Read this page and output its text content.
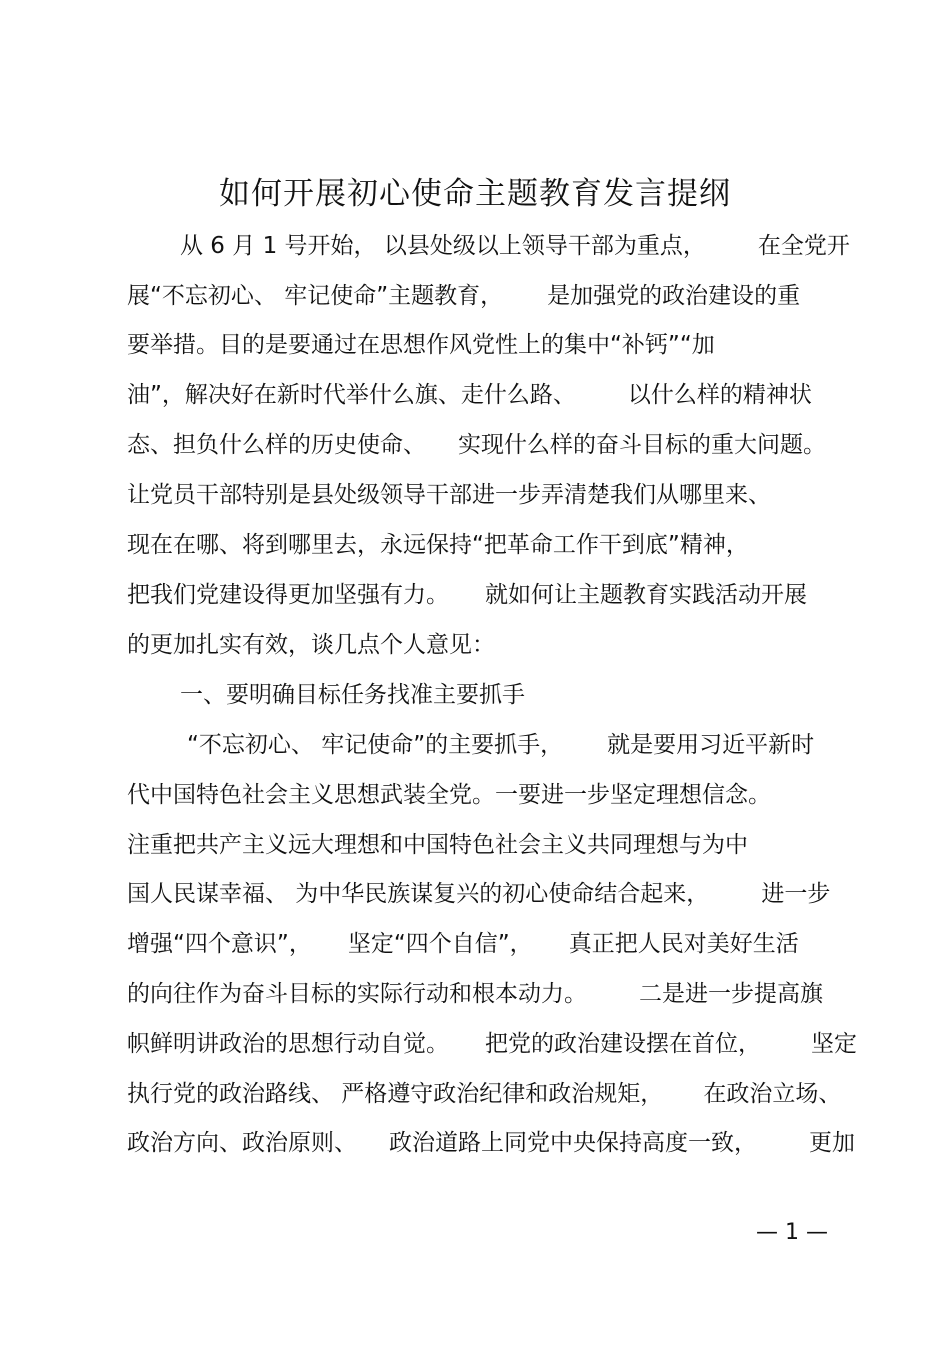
如何开展初心使命主题教育发言提纲
从 6 月 1 号开始， 以县处级以上领导干部为重点， 在全党开
展“不忘初心、 牢记使命”主题教育， 是加强党的政治建设的重
要举措。目的是要通过在思想作风党性上的集中“补钙”“加
油”，解决好在新时代举什么旗、走什么路、 以什么样的精神状
态、担负什么样的历史使命、 实现什么样的奋斗目标的重大问题。
让党员干部特别是县处级领导干部进一步弄清楚我们从哪里来、
现在在哪、将到哪里去，永远保持“把革命工作干到底”精神，
把我们党建设得更加坚强有力。 就如何让主题教育实践活动开展
的更加扎实有效，谈几点个人意见：
一、要明确目标任务找准主要抓手
“不忘初心、 牢记使命”的主要抓手， 就是要用习近平新时
代中国特色社会主义思想武装全党。一要进一步坚定理想信念。
注重把共产主义远大理想和中国特色社会主义共同理想与为中
国人民谋幸福、 为中华民族谋复兴的初心使命结合起来， 进一步
增强“四个意识”， 坚定“四个自信”， 真正把人民对美好生活
的向往作为奋斗目标的实际行动和根本动力。 二是进一步提高旗
帜鲜明讲政治的思想行动自觉。 把党的政治建设摆在首位， 坚定
执行党的政治路线、 严格遵守政治纪律和政治规矩， 在政治立场、
政治方向、政治原则、 政治道路上同党中央保持高度一致， 更加
— 1 —
